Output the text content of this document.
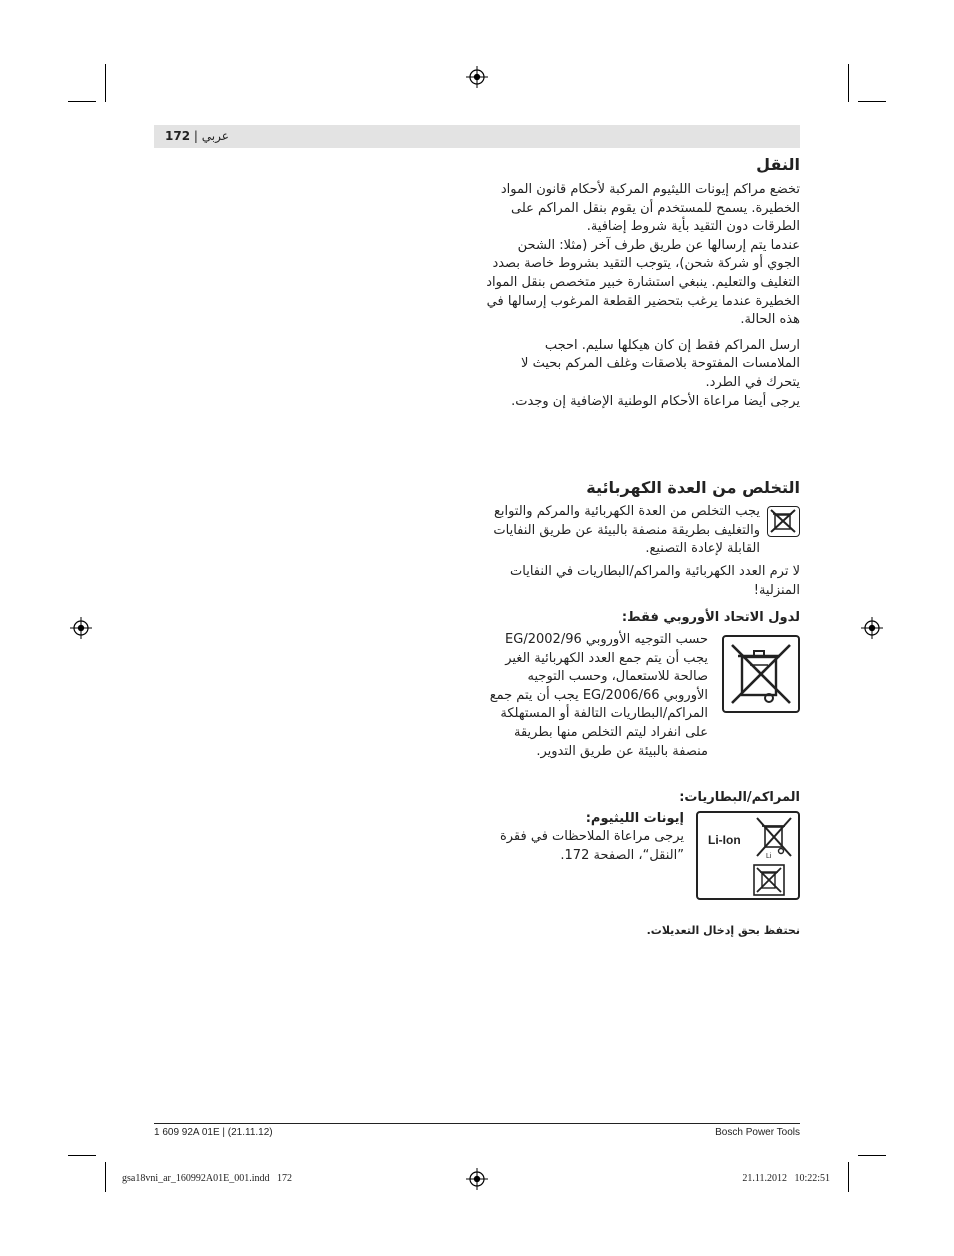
172 | عربي
النقل

تخضع مراكم إيونات الليثيوم المركبة لأحكام قانون المواد الخطيرة. يسمح للمستخدم أن يقوم بنقل المراكم على الطرقات دون التقيد بأية شروط إضافية.

عندما يتم إرسالها عن طريق طرف آخر (مثلا: الشحن الجوي أو شركة شحن)، يتوجب التقيد بشروط خاصة بصدد التغليف والتعليم. ينبغي استشارة خبير متخصص بنقل المواد الخطيرة عندما يرغب بتحضير القطعة المرغوب إرسالها في هذه الحالة.

ارسل المراكم فقط إن كان هيكلها سليم. احجب الملامسات المفتوحة بلاصقات وغلف المركم بحيث لا يتحرك في الطرد.

يرجى أيضا مراعاة الأحكام الوطنية الإضافية إن وجدت.

التخلص من العدة الكهربائية

يجب التخلص من العدة الكهربائية والمركم والتوابع والتغليف بطريقة منصفة بالبيئة عن طريق النفايات القابلة لإعادة التصنيع.

لا ترم العدد الكهربائية والمراكم/البطاريات في النفايات المنزلية!

لدول الاتحاد الأوروبي فقط:

حسب التوجيه الأوروبي 2002/96/EG يجب أن يتم جمع العدد الكهربائية الغير صالحة للاستعمال، وحسب التوجيه الأوروبي 2006/66/EG يجب أن يتم جمع المراكم/البطاريات التالفة أو المستهلكة على انفراد ليتم التخلص منها بطريقة منصفة بالبيئة عن طريق التدوير.

المراكم/البطاريات:
Li-Ion
Li
إيونات الليثيوم:

يرجى مراعاة الملاحظات في فقرة ”النقل“، الصفحة 172.

نحتفظ بحق إدخال التعديلات.

1 609 92A 01E | (21.11.12)	Bosch Power Tools
gsa18vni_ar_160992A01E_001.indd   172	21.11.2012   10:22:51
